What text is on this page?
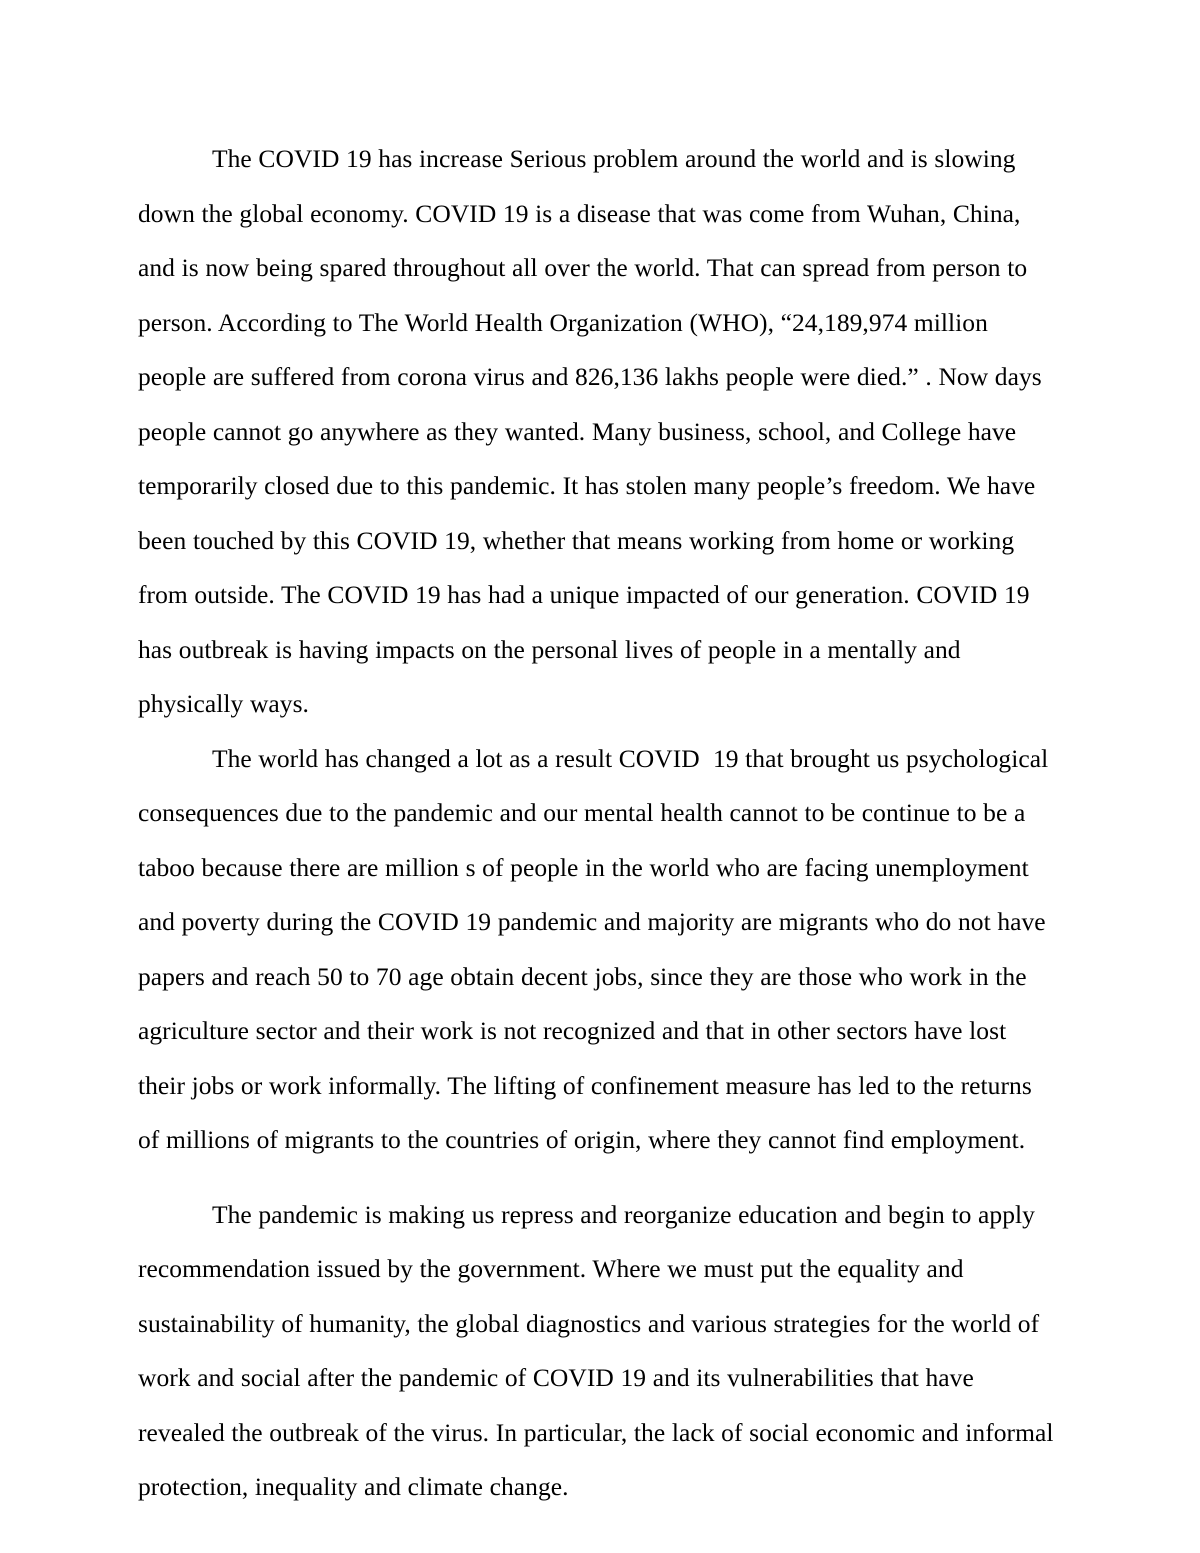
The COVID 19 has increase Serious problem around the world and is slowing down the global economy. COVID 19 is a disease that was come from Wuhan, China, and is now being spared throughout all over the world. That can spread from person to person. According to The World Health Organization (WHO), “24,189,974 million people are suffered from corona virus and 826,136 lakhs people were died.” . Now days people cannot go anywhere as they wanted. Many business, school, and College have temporarily closed due to this pandemic. It has stolen many people’s freedom. We have been touched by this COVID 19, whether that means working from home or working from outside. The COVID 19 has had a unique impacted of our generation. COVID 19 has outbreak is having impacts on the personal lives of people in a mentally and physically ways.

The world has changed a lot as a result COVID  19 that brought us psychological consequences due to the pandemic and our mental health cannot to be continue to be a taboo because there are million s of people in the world who are facing unemployment and poverty during the COVID 19 pandemic and majority are migrants who do not have papers and reach 50 to 70 age obtain decent jobs, since they are those who work in the agriculture sector and their work is not recognized and that in other sectors have lost their jobs or work informally. The lifting of confinement measure has led to the returns of millions of migrants to the countries of origin, where they cannot find employment.

The pandemic is making us repress and reorganize education and begin to apply recommendation issued by the government. Where we must put the equality and sustainability of humanity, the global diagnostics and various strategies for the world of work and social after the pandemic of COVID 19 and its vulnerabilities that have revealed the outbreak of the virus. In particular, the lack of social economic and informal protection, inequality and climate change.
